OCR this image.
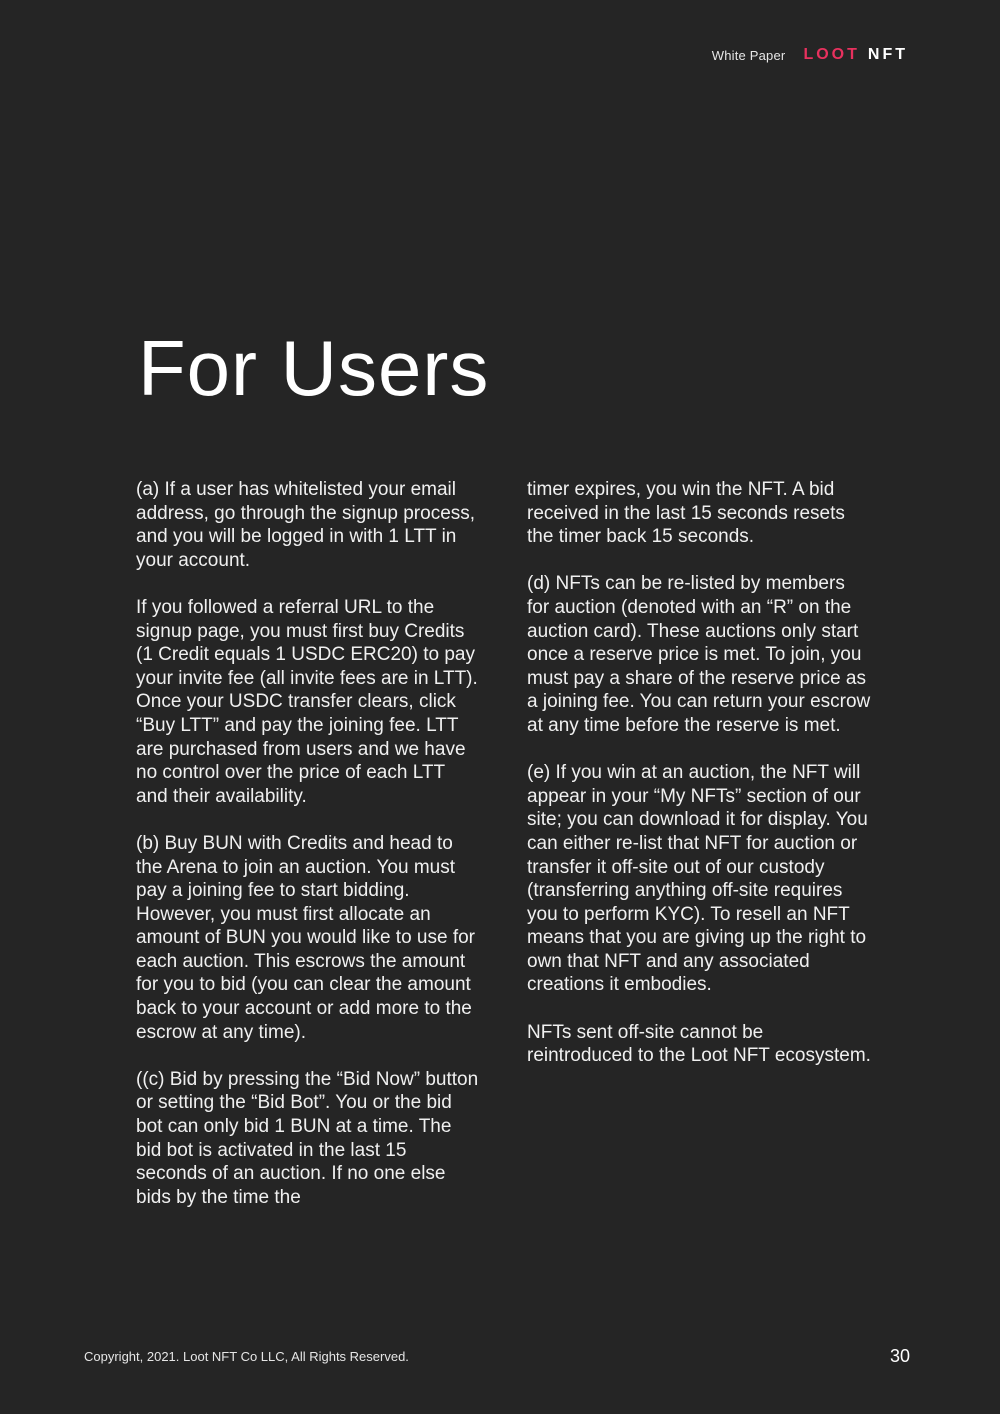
White Paper LOOT NFT
For Users

(a) If a user has whitelisted your email address, go through the signup process, and you will be logged in with 1 LTT in your account.

If you followed a referral URL to the signup page, you must first buy Credits (1 Credit equals 1 USDC ERC20) to pay your invite fee (all invite fees are in LTT). Once your USDC transfer clears, click “Buy LTT” and pay the joining fee. LTT are purchased from users and we have no control over the price of each LTT and their availability.

(b) Buy BUN with Credits and head to the Arena to join an auction. You must pay a joining fee to start bidding. However, you must first allocate an amount of BUN you would like to use for each auction. This escrows the amount for you to bid (you can clear the amount back to your account or add more to the escrow at any time).

((c) Bid by pressing the “Bid Now” button or setting the “Bid Bot”. You or the bid bot can only bid 1 BUN at a time. The bid bot is activated in the last 15 seconds of an auction. If no one else bids by the time the

timer expires, you win the NFT. A bid received in the last 15 seconds resets the timer back 15 seconds.

(d) NFTs can be re-listed by members for auction (denoted with an “R” on the auction card). These auctions only start once a reserve price is met. To join, you must pay a share of the reserve price as a joining fee. You can return your escrow at any time before the reserve is met.

(e) If you win at an auction, the NFT will appear in your “My NFTs” section of our site; you can download it for display. You can either re-list that NFT for auction or transfer it off-site out of our custody (transferring anything off-site requires you to perform KYC). To resell an NFT means that you are giving up the right to own that NFT and any associated creations it embodies.

NFTs sent off-site cannot be reintroduced to the Loot NFT ecosystem.

Copyright, 2021. Loot NFT Co LLC, All Rights Reserved.	30
